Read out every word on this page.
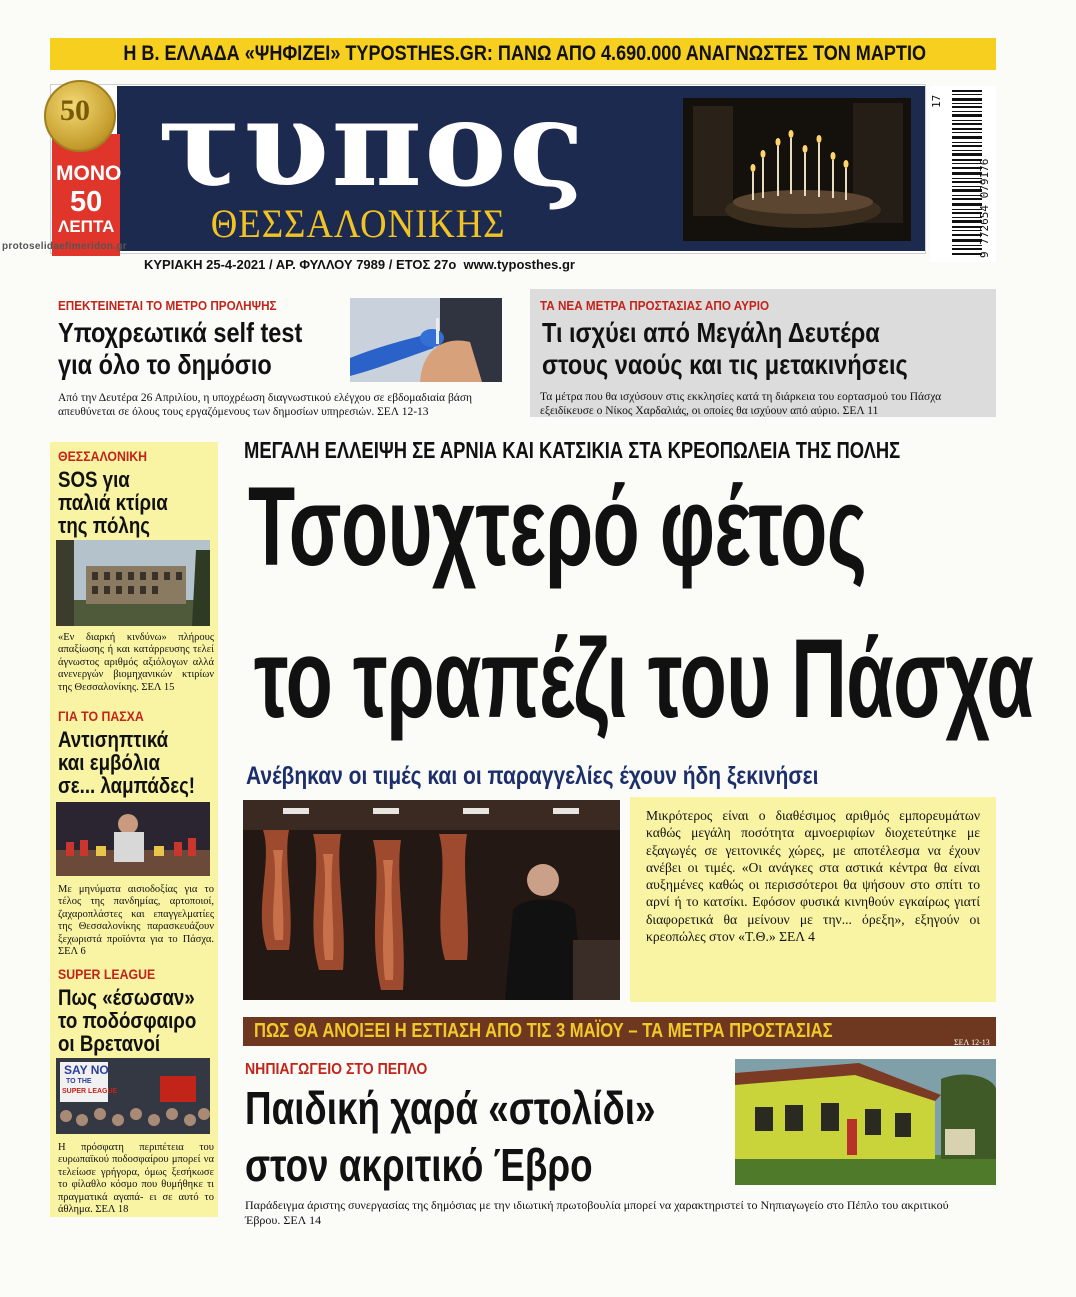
Η Β. ΕΛΛΑΔΑ «ΨΗΦΙΖΕΙ» TYPOSTHES.GR: ΠΑΝΩ ΑΠΟ 4.690.000 ΑΝΑΓΝΩΣΤΕΣ ΤΟΝ ΜΑΡΤΙΟ
τυπος
ΘΕΣΣΑΛΟΝΙΚΗΣ
50
ΜΟΝΟ
50
ΛΕΠΤΑ
protoselidaefimeridon.gr
ΚΥΡΙΑΚΗ 25-4-2021 / ΑΡ. ΦΥΛΛΟΥ 7989 / ΕΤΟΣ 27ο www.typosthes.gr
17
9 772654 079176
ΕΠΕΚΤΕΙΝΕΤΑΙ ΤΟ ΜΕΤΡΟ ΠΡΟΛΗΨΗΣ
Υποχρεωτικά self test
για όλο το δημόσιο
Από την Δευτέρα 26 Απριλίου, η υποχρέωση διαγνωστικού ελέγχου σε εβδομαδιαία βάση απευθύνεται σε όλους τους εργαζόμενους των δημοσίων υπηρεσιών. ΣΕΛ 12-13
ΤΑ ΝΕΑ ΜΕΤΡΑ ΠΡΟΣΤΑΣΙΑΣ ΑΠΟ ΑΥΡΙΟ
Τι ισχύει από Μεγάλη Δευτέρα
στους ναούς και τις μετακινήσεις
Τα μέτρα που θα ισχύσουν στις εκκλησίες κατά τη διάρκεια του εορτασμού του Πάσχα εξειδίκευσε ο Νίκος Χαρδαλιάς, οι οποίες θα ισχύουν από αύριο. ΣΕΛ 11
ΘΕΣΣΑΛΟΝΙΚΗ
SOS για
παλιά κτίρια
της πόλης
«Εν διαρκή κινδύνω» πλήρους απαξίωσης ή και κατάρρευσης τελεί άγνωστος αριθμός αξιόλογων αλλά ανενεργών βιομηχανικών κτιρίων της Θεσσαλονίκης. ΣΕΛ 15
ΓΙΑ ΤΟ ΠΑΣΧΑ
Αντισηπτικά
και εμβόλια
σε... λαμπάδες!
Με μηνύματα αισιοδοξίας για το τέλος της πανδημίας, αρτοποιοί, ζαχαροπλάστες και επαγγελματίες της Θεσσαλονίκης παρασκευάζουν ξεχωριστά προϊόντα για το Πάσχα. ΣΕΛ 6
SUPER LEAGUE
Πως «έσωσαν»
το ποδόσφαιρο
οι Βρετανοί
SAY NO
TO THE
SUPER LEAGUE
Η πρόσφατη περιπέτεια του ευρωπαϊκού ποδοσφαίρου μπορεί να τελείωσε γρήγορα, όμως ξεσήκωσε το φίλαθλο κόσμο που θυμήθηκε τι πραγματικά αγαπά- ει σε αυτό το άθλημα. ΣΕΛ 18
ΜΕΓΑΛΗ ΕΛΛΕΙΨΗ ΣΕ ΑΡΝΙΑ ΚΑΙ ΚΑΤΣΙΚΙΑ ΣΤΑ ΚΡΕΟΠΩΛΕΙΑ ΤΗΣ ΠΟΛΗΣ
Τσουχτερό φέτος
το τραπέζι του Πάσχα
Ανέβηκαν οι τιμές και οι παραγγελίες έχουν ήδη ξεκινήσει
Μικρότερος είναι ο διαθέσιμος αριθμός εμπορευμάτων καθώς μεγάλη ποσότητα αμνοεριφίων διοχετεύτηκε με εξαγωγές σε γειτονικές χώρες, με αποτέλεσμα να έχουν ανέβει οι τιμές. «Οι ανάγκες στα αστικά κέντρα θα είναι αυξημένες καθώς οι περισσότεροι θα ψήσουν στο σπίτι το αρνί ή το κατσίκι. Εφόσον φυσικά κινηθούν εγκαίρως γιατί διαφορετικά θα μείνουν με την... όρεξη», εξηγούν οι κρεοπώλες στον «Τ.Θ.» ΣΕΛ 4
ΠΩΣ ΘΑ ΑΝΟΙΞΕΙ Η ΕΣΤΙΑΣΗ ΑΠΟ ΤΙΣ 3 ΜΑΪΟΥ – ΤΑ ΜΕΤΡΑ ΠΡΟΣΤΑΣΙΑΣ
ΣΕΛ 12-13
ΝΗΠΙΑΓΩΓΕΙΟ ΣΤΟ ΠΕΠΛΟ
Παιδική χαρά «στολίδι»
στον ακριτικό Έβρο
Παράδειγμα άριστης συνεργασίας της δημόσιας με την ιδιωτική πρωτοβουλία μπορεί να χαρακτηριστεί το Νηπιαγωγείο στο Πέπλο του ακριτικού Έβρου. ΣΕΛ 14
